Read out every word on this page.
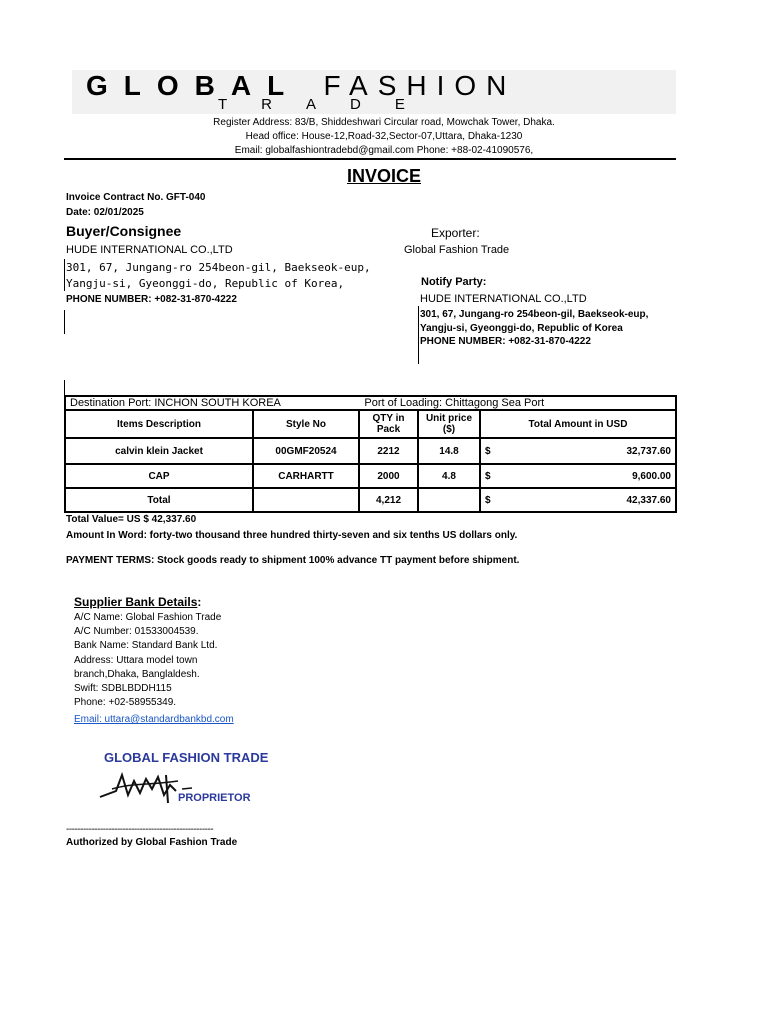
GLOBAL FASHION
TRADE
Register Address: 83/B, Shiddeshwari Circular road, Mowchak Tower, Dhaka.
Head office: House-12,Road-32,Sector-07,Uttara, Dhaka-1230
Email: globalfashiontradebd@gmail.com Phone: +88-02-41090576,
INVOICE
Invoice Contract No. GFT-040
Date: 02/01/2025
Buyer/Consignee
HUDE INTERNATIONAL CO.,LTD
301, 67, Jungang-ro 254beon-gil, Baekseok-eup,
Yangju-si, Gyeonggi-do, Republic of Korea,
PHONE NUMBER: +082-31-870-4222
Exporter:
Global Fashion Trade
Notify Party:
HUDE INTERNATIONAL CO.,LTD
301, 67, Jungang-ro 254beon-gil, Baekseok-eup,
Yangju-si, Gyeonggi-do, Republic of Korea
PHONE NUMBER: +082-31-870-4222
Destination Port: INCHON SOUTH KOREA Port of Loading: Chittagong Sea Port				
Items Description	Style No	QTY in Pack	Unit price ($)	Total Amount in USD
calvin klein Jacket	00GMF20524	2212	14.8	$ 32,737.60

CAP	CARHARTT	2000	4.8	$ 9,600.00

Total		4,212		$ 42,337.60
Total Value= US $ 42,337.60
Amount In Word: forty-two thousand three hundred thirty-seven and six tenths US dollars only.
PAYMENT TERMS: Stock goods ready to shipment 100% advance TT payment before shipment.
Supplier Bank Details:
A/C Name: Global Fashion Trade
A/C Number: 01533004539.
Bank Name: Standard Bank Ltd.
Address: Uttara model town
branch,Dhaka, Banglaldesh.
Swift: SDBLBDDH115
Phone: +02-58955349.
Email: uttara@standardbankbd.com
GLOBAL FASHION TRADE
PROPRIETOR
----------------------------------------------------
Authorized by Global Fashion Trade
